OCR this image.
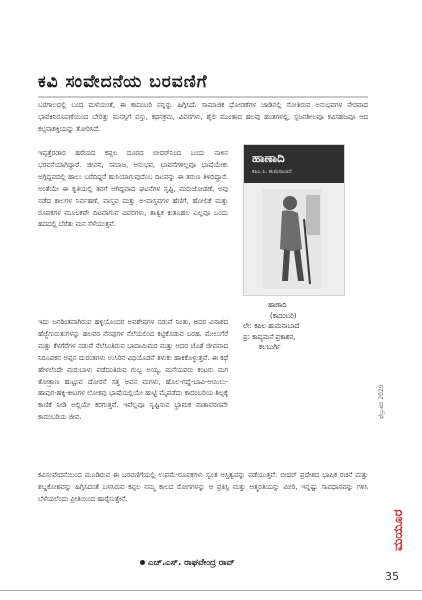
ಕವಿ ಸಂವೇದನೆಯ ಬರವಣಿಗೆ
ಬರಗಾಲದಲ್ಲಿ ಬಂದ ಮಳೆಯಂತೆ, ಈ ಕಾದಂಬರಿ ನನ್ನನ್ನು ಹಿಗ್ಗಿಸಿದೆ. ಸಾಮಾಜಿಕ ಧೋರಣೆಗಳ ಜಾಡಿನಲ್ಲಿ ಸೋತಿರುವ ಅನುಭವಗಳ ನೇರವಾದ ಭಾವಕಿನಿರೂಪಣೆಯಿಂದ ಬೇರಿತ್ತು ಮನಸ್ಸಿಗೆ ವಸ್ತು, ಕಥನಕ್ರಮ, ವಿವರಗಳು, ಶೈಲಿ ಮುಂತಾದ ಹಲವು ಹಂತಗಳಲ್ಲಿ, ಸ್ಪಜನಶೀಲವೂ ಕವಿಸಹಜವೂ ಆದ ಕಲ್ಪನಾಶಕ್ತಿಯನ್ನು ತೋರಿಸಿದೆ.
ಇಪ್ಪತ್ತೆರಡಾರ ಹರೆಯದ ಕಪ್ಪಲ ದೂರದ ಬೀದರ್‌ನಿಂದ ಬಂದು ನಾಳಿನ ಭರವಸೆಯಾಗಿದ್ದಾರೆ. ಜೀವನ, ಸಮಾಜ, ಅನುಭವ, ಭಾವನೆಗಳಿಲ್ಲವೂ ಭಾಷೆಯೇಕು ಅಗ್ಗಿದ್ದವದಲ್ಲಿ ಹಾಲು ಬರೆದಿದ್ದರೆ ಹುಸಿಯಾಗುವುದೆಂಬ ದಿಟವನ್ನು ಈ ತರುಣ ತಿಳಿದಿದ್ದಾರೆ. ಅಂತೆಯೇ ಈ ಕೃತಿಯಲ್ಲಿ ತನಗೆ ಆಗಿದ್ದವಾದ ಘಟನೆಗಳ ಸೃಷ್ಟಿ, ಮರುಜೋಡಣೆ, ಅವು ನಡೆದ ಕಾಲಗಳ ನಿರ್ವಹಣೆ, ವಾಸ್ತವ ಮತ್ತು ಅ-ವಾಸ್ತವಗಳ ಹೆಣಿಗೆ, ಹೋಲಿಕೆ ಮತ್ತು ರೂಪಕಗಳ ಮೂಲಕವೇ ದಿಟವಾಗುವ ವಿವರಗಳು, ತಾತ್ವಿಕ ಕುತೂಹಲ ಎಲ್ಲವೂ ಒಂದು ಹದದಲ್ಲಿ ಬೆರೆತು ಮನ ಸೆಳೆಯುತ್ತವೆ.
ಇದು ಜನರಿಂತವಾಗಿರುವ ಹಳ್ಳಿಯೊಂದರ ಅವಶೇಷಗಳ ನಡುವೆ ನಿಂತು, ಅದರ ವಿನಾಶದ ಹೆಜ್ಜೆಗುರುತುಗಳನ್ನು ಹಲವರ ನೆನಪುಗಳ ನೆಲೆಯಲಿಂದ ಕಟ್ಟಿಕೊಡುವ ಬರಹ. ಮೇಲುಗೆರೆ ಮತ್ತು ಕೆಳಗೆರೆಗಳ ನಡುವೆ ನೆಲೆಸಿಂತಿರುವ ಬಾದಾಮಿಮರ ಮತ್ತು ಅದರ ಜೊತೆ ಜೀವವಾದ ನಿರೂಪಕನ ಅಪ್ಪನ ದುರಂತಗಳು ಉಸಿರಿನ ವಿಧಿಯೊಡನೆ ತಳುಕು ಹಾಕಿಕೊಳ್ಳುತ್ತವೆ. ಈ ಕಥೆ ಹೇಳಲೆಂದೇ ಮರುಬಾಳು ಪಡೆದಂತಿರುವ ಗುಬ್ಬ ಅಯ್ಯ, ಮನೆಯವರು ಕಂಟರು ಮಗ ತೋತ್ರಾಣ ಹುಟ್ಟುವ ದೋರನೆ ಸತ್ತ ಅವನ ಮಗಳು, ಹೊಲ-ಗದ್ದೆ-ಬಾವಿ-ಆಯಿಲು-ಹಾವುಗ-ಹಕ್ಕಿ-ಕೀಟಗಳ ಲೋಕವು ಭಾಷೆಯಲ್ಲಿಯೇ ಹುಟ್ಟಿ ಮೈಪಡೆದು ಕಾದಂಬರಿಯ ಶಿಲ್ಪಕ್ಕೆ ಕಾಣಿಕೆ ನೀಡಿ ಅಲ್ಲಿಯೇ ಕರಗುತ್ತವೆ. ಇವೆಲ್ಲವೂ ಸೃಷ್ಟಿಸುವ ಭ್ರಾಮಕ ವಾತಾವರಣವೇ ಕಾದಂಬರಿಯ ಜೀವ.
ಹಾಣಾದಿ
ಕಪಿಲ ಪಿ. ಹುಮನಾಬಾದೆ
ಹಾಣಾದಿ
(ಕಾದಂಬರಿ)
ಲೇ: ಕಪಿಲ ಹುಮನಾಬಾದೆ
ಪ್ರ: ಕಾವ್ಯಮನೆ ಪ್ರಕಾಶನ,
ಕಲಬುರ್ಗಿ
ಕವಿಸಂವೇದನೆಯಿಂದ ಮೂಡಿರುವ ಈ ಬರವಣಿಗೆಯಲ್ಲಿ ಉಪಮೆ-ರೂಪಕಗಳು ಸ್ವಂತ ಅಸ್ತಿತ್ವವನ್ನು ಪಡೆಯುತ್ತವೆ. ಬೀದರ್ ಪ್ರದೇಶದ ಭಾಷಿಕ ರಚನೆ ಮತ್ತು ಶಬ್ದಕೋಶವನ್ನು ಹಿಗ್ಗಿಸಿದಂತೆ ಬಳಸಿರುವ ಕಪ್ಪಲ ನಮ್ಮ ಕಾಲದ ರೋಗಗಳನ್ನು ಆ ಪ್ರತಿಸ್ಪಿ ಮತ್ತು ಆತ್ಮರತಿಯನ್ನು ಮೀರಿ, ಇನ್ನಷ್ಟು ಸಾವಧಾನವನ್ನು ಗಳಿಸಿ ಬೆಳೆಯಲೆಂದು ಪ್ರೀತಿಯಿಂದ ಹಾರೈಸುತ್ತೇನೆ.
ಎಚ್.ಎಸ್. ರಾಘವೇಂದ್ರ ರಾವ್
ಫೆಬ್ರುವರಿ 2020
ಮಯೂರ
35
